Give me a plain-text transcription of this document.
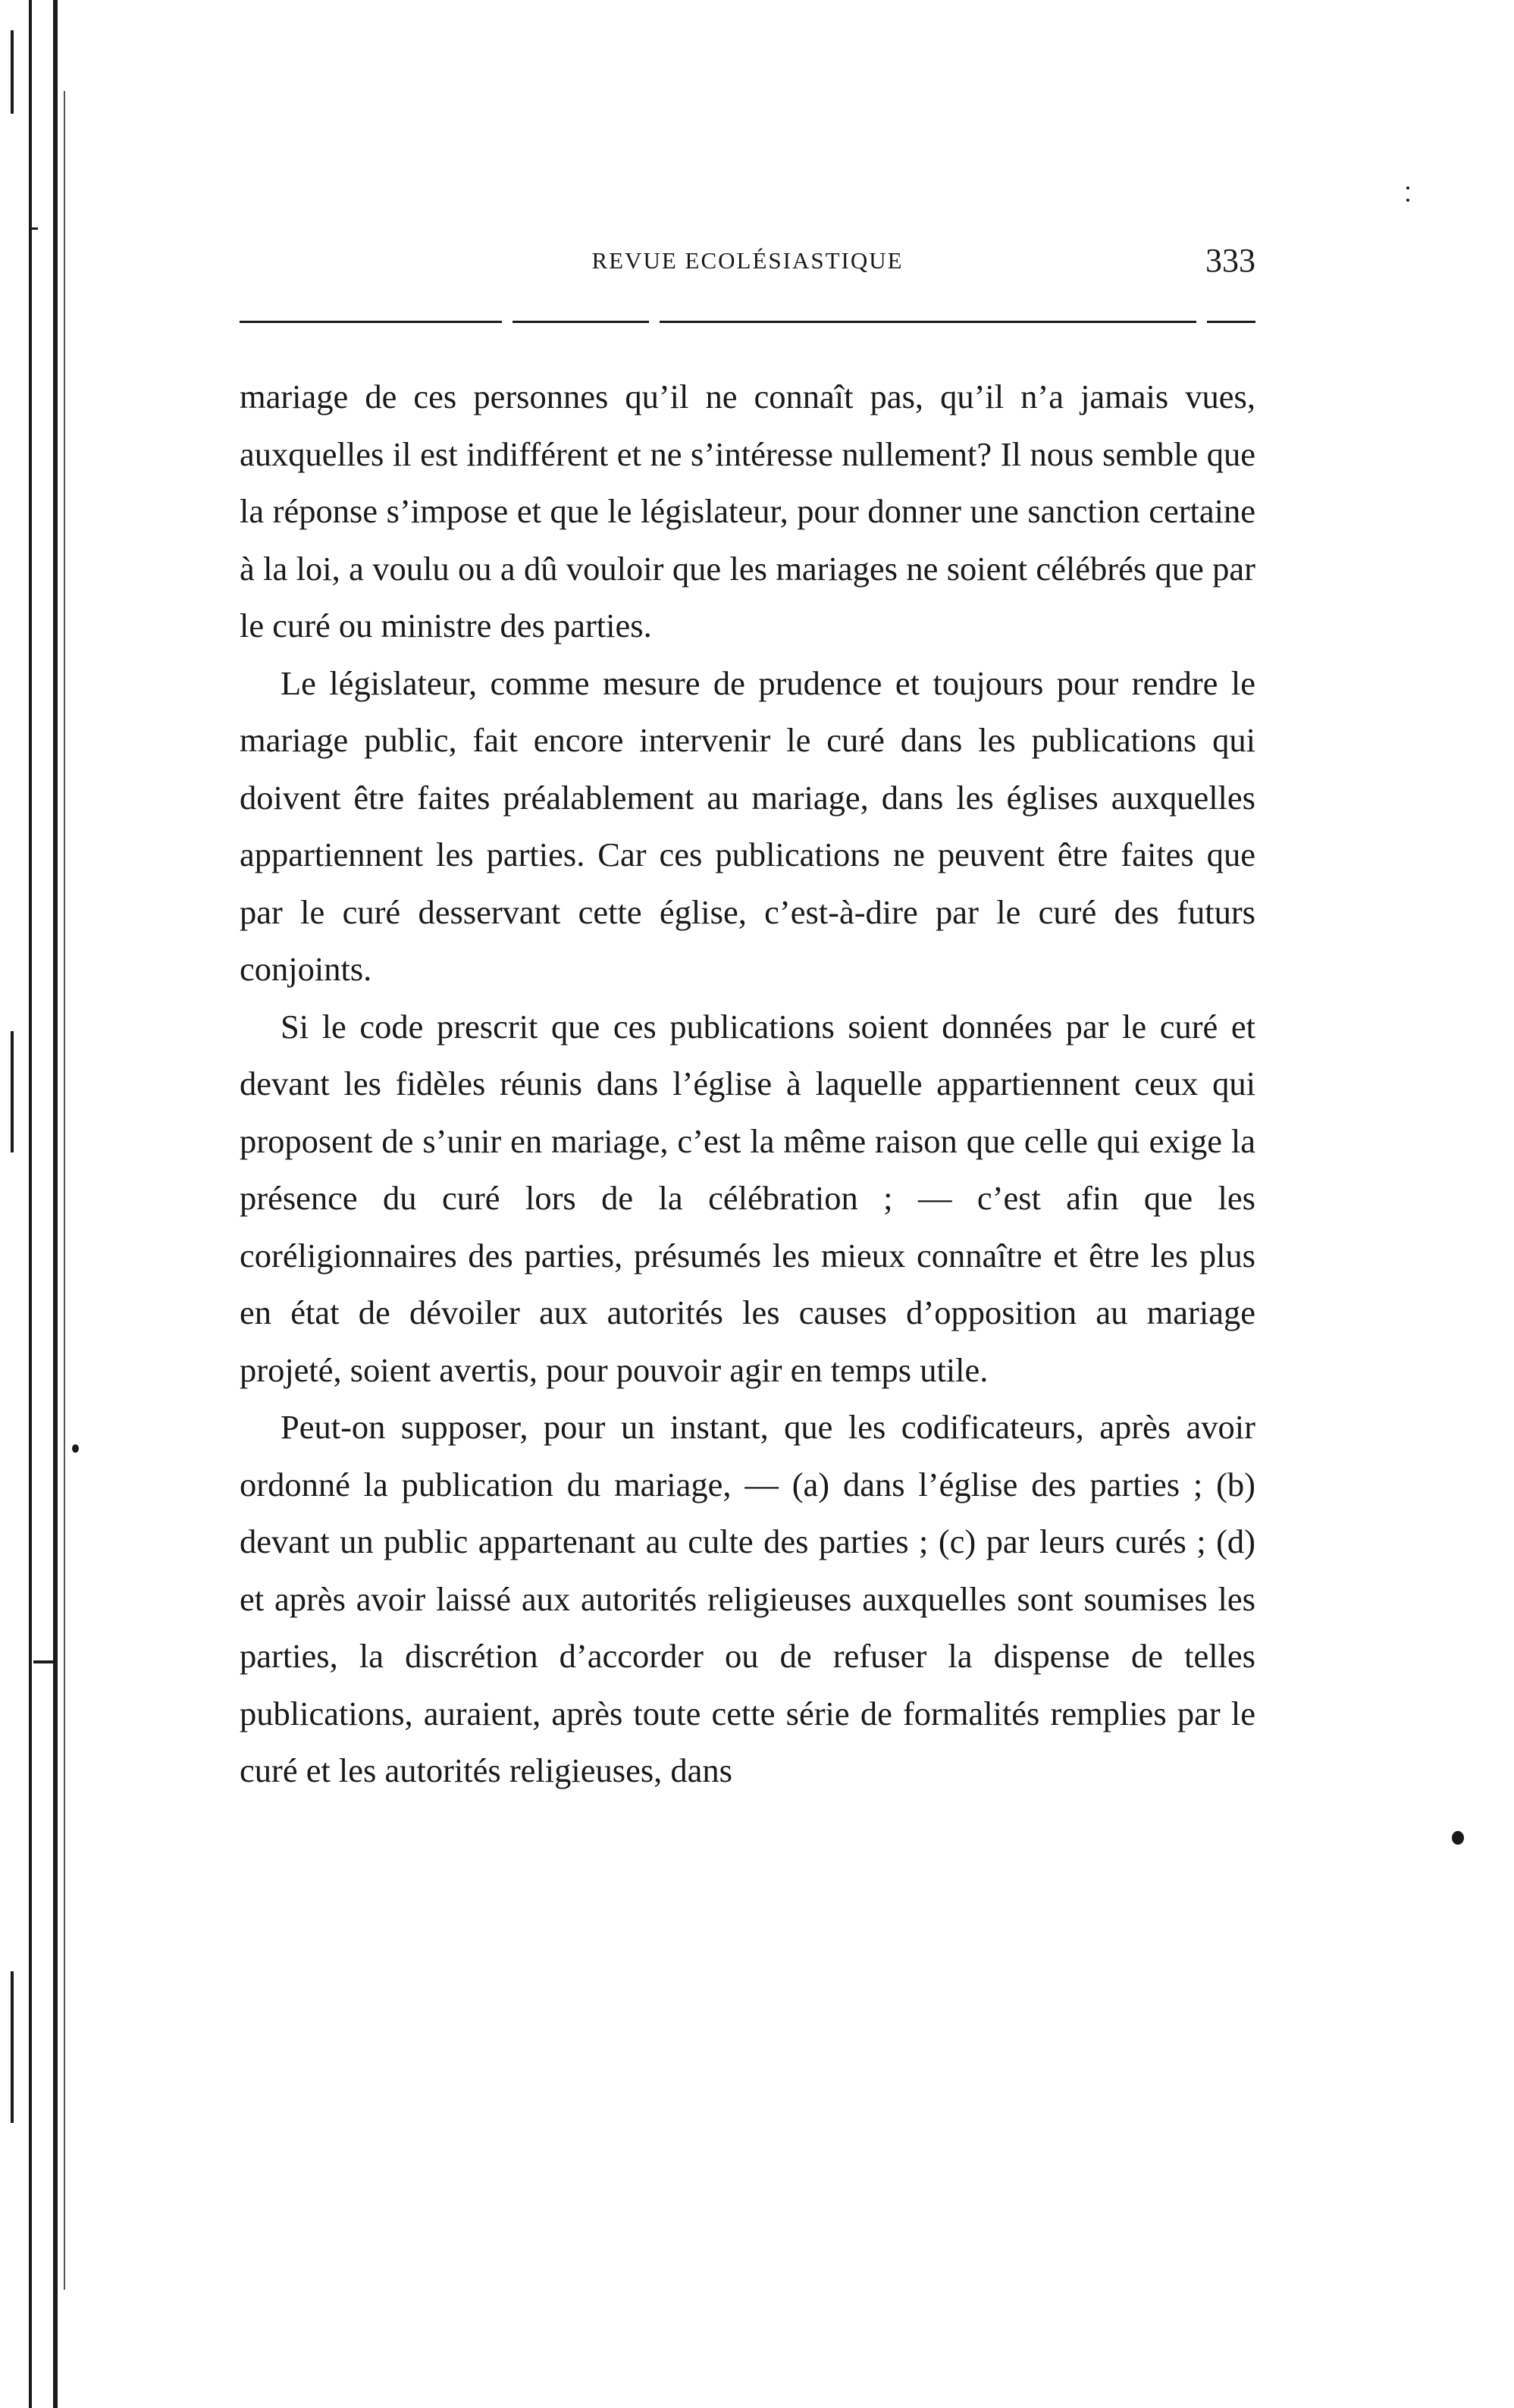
REVUE ECOLÉSIASTIQUE	333

mariage de ces personnes qu’il ne connaît pas, qu’il n’a jamais vues, auxquelles il est indifférent et ne s’intéresse nullement? Il nous semble que la réponse s’impose et que le législateur, pour donner une sanction certaine à la loi, a voulu ou a dû vouloir que les mariages ne soient célébrés que par le curé ou ministre des parties.

Le législateur, comme mesure de prudence et toujours pour rendre le mariage public, fait encore intervenir le curé dans les publications qui doivent être faites préalablement au mariage, dans les églises auxquelles appartiennent les parties. Car ces publications ne peuvent être faites que par le curé desservant cette église, c’est-à-dire par le curé des futurs conjoints.

Si le code prescrit que ces publications soient données par le curé et devant les fidèles réunis dans l’église à laquelle appartiennent ceux qui proposent de s’unir en mariage, c’est la même raison que celle qui exige la présence du curé lors de la célébration ; — c’est afin que les coréligionnaires des parties, présumés les mieux connaître et être les plus en état de dévoiler aux autorités les causes d’opposition au mariage projeté, soient avertis, pour pouvoir agir en temps utile.

Peut-on supposer, pour un instant, que les codificateurs, après avoir ordonné la publication du mariage, — (a) dans l’église des parties ; (b) devant un public appartenant au culte des parties ; (c) par leurs curés ; (d) et après avoir laissé aux autorités religieuses auxquelles sont soumises les parties, la discrétion d’accorder ou de refuser la dispense de telles publications, auraient, après toute cette série de formalités remplies par le curé et les autorités religieuses, dans
